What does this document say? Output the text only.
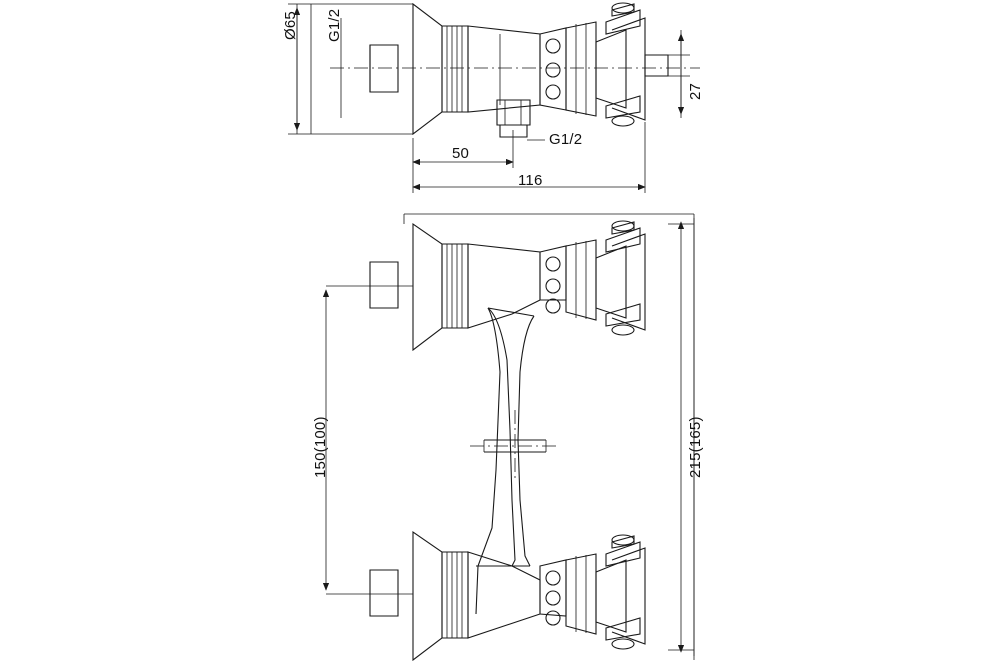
Ø65 G1/2
50
G1/2
116
27
150(100)	215(165)
